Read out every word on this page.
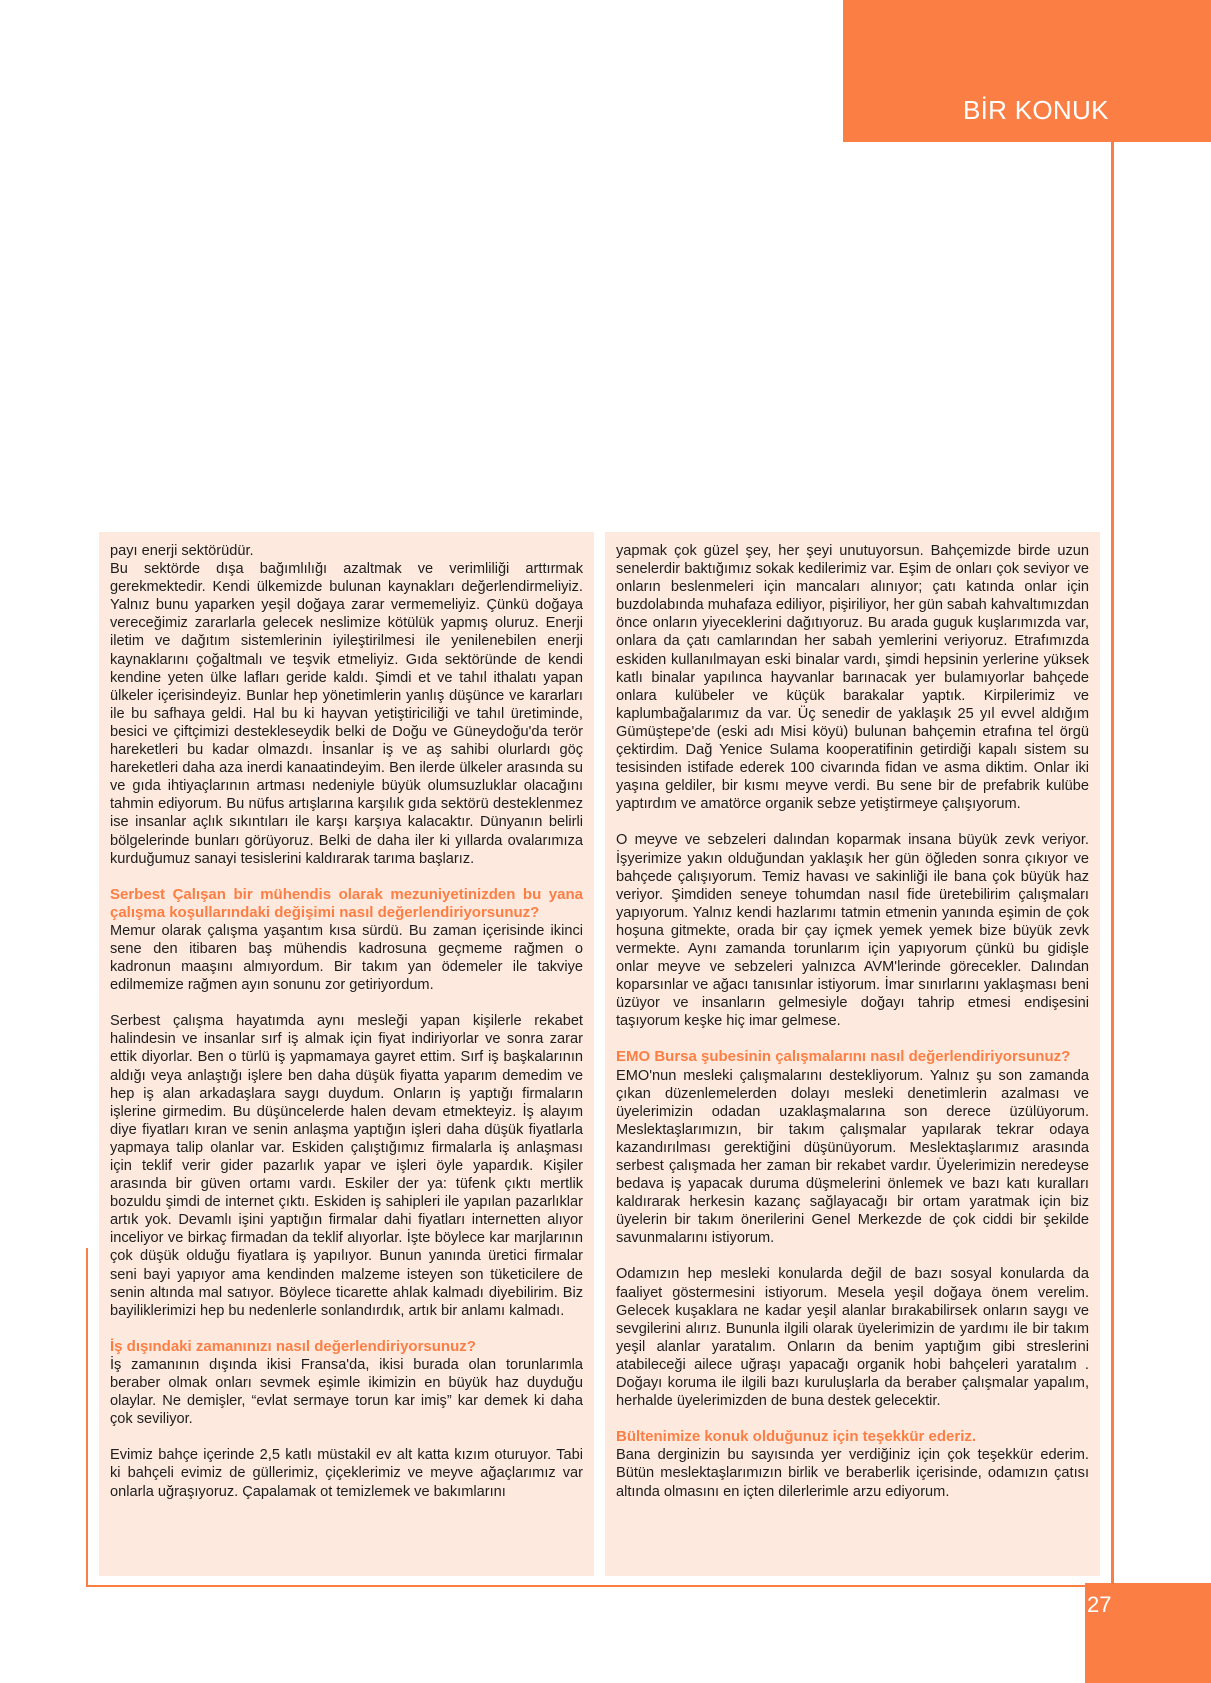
BİR KONUK

payı enerji sektörüdür.

Bu sektörde dışa bağımlılığı azaltmak ve verimliliği arttırmak gerekmektedir. Kendi ülkemizde bulunan kaynakları değerlendirmeliyiz. Yalnız bunu yaparken yeşil doğaya zarar vermemeliyiz. Çünkü doğaya vereceğimiz zararlarla gelecek neslimize kötülük yapmış oluruz. Enerji iletim ve dağıtım sistemlerinin iyileştirilmesi ile yenilenebilen enerji kaynaklarını çoğaltmalı ve teşvik etmeliyiz. Gıda sektöründe de kendi kendine yeten ülke lafları geride kaldı. Şimdi et ve tahıl ithalatı yapan ülkeler içerisindeyiz. Bunlar hep yönetimlerin yanlış düşünce ve kararları ile bu safhaya geldi. Hal bu ki hayvan yetiştiriciliği ve tahıl üretiminde, besici ve çiftçimizi destekleseydik belki de Doğu ve Güneydoğu'da terör hareketleri bu kadar olmazdı. İnsanlar iş ve aş sahibi olurlardı göç hareketleri daha aza inerdi kanaatindeyim. Ben ilerde ülkeler arasında su ve gıda ihtiyaçlarının artması nedeniyle büyük olumsuzluklar olacağını tahmin ediyorum. Bu nüfus artışlarına karşılık gıda sektörü desteklenmez ise insanlar açlık sıkıntıları ile karşı karşıya kalacaktır. Dünyanın belirli bölgelerinde bunları görüyoruz. Belki de daha iler ki yıllarda ovalarımıza kurduğumuz sanayi tesislerini kaldırarak tarıma başlarız.

Serbest Çalışan bir mühendis olarak mezuniyetinizden bu yana çalışma koşullarındaki değişimi nasıl değerlendiriyorsunuz?

Memur olarak çalışma yaşantım kısa sürdü. Bu zaman içerisinde ikinci sene den itibaren baş mühendis kadrosuna geçmeme rağmen o kadronun maaşını almıyordum. Bir takım yan ödemeler ile takviye edilmemize rağmen ayın sonunu zor getiriyordum.

Serbest çalışma hayatımda aynı mesleği yapan kişilerle rekabet halindesin ve insanlar sırf iş almak için fiyat indiriyorlar ve sonra zarar ettik diyorlar. Ben o türlü iş yapmamaya gayret ettim. Sırf iş başkalarının aldığı veya anlaştığı işlere ben daha düşük fiyatta yaparım demedim ve hep iş alan arkadaşlara saygı duydum. Onların iş yaptığı firmaların işlerine girmedim. Bu düşüncelerde halen devam etmekteyiz. İş alayım diye fiyatları kıran ve senin anlaşma yaptığın işleri daha düşük fiyatlarla yapmaya talip olanlar var. Eskiden çalıştığımız firmalarla iş anlaşması için teklif verir gider pazarlık yapar ve işleri öyle yapardık. Kişiler arasında bir güven ortamı vardı. Eskiler der ya: tüfenk çıktı mertlik bozuldu şimdi de internet çıktı. Eskiden iş sahipleri ile yapılan pazarlıklar artık yok. Devamlı işini yaptığın firmalar dahi fiyatları internetten alıyor inceliyor ve birkaç firmadan da teklif alıyorlar. İşte böylece kar marjlarının çok düşük olduğu fiyatlara iş yapılıyor. Bunun yanında üretici firmalar seni bayi yapıyor ama kendinden malzeme isteyen son tüketicilere de senin altında mal satıyor. Böylece ticarette ahlak kalmadı diyebilirim. Biz bayiliklerimizi hep bu nedenlerle sonlandırdık, artık bir anlamı kalmadı.

İş dışındaki zamanınızı nasıl değerlendiriyorsunuz?

İş zamanının dışında ikisi Fransa'da, ikisi burada olan torunlarımla beraber olmak onları sevmek eşimle ikimizin en büyük haz duyduğu olaylar. Ne demişler, “evlat sermaye torun kar imiş” kar demek ki daha çok seviliyor.

Evimiz bahçe içerinde 2,5 katlı müstakil ev alt katta kızım oturuyor. Tabi ki bahçeli evimiz de güllerimiz, çiçeklerimiz ve meyve ağaçlarımız var onlarla uğraşıyoruz. Çapalamak ot temizlemek ve bakımlarını

yapmak çok güzel şey, her şeyi unutuyorsun. Bahçemizde birde uzun senelerdir baktığımız sokak kedilerimiz var. Eşim de onları çok seviyor ve onların beslenmeleri için mancaları alınıyor; çatı katında onlar için buzdolabında muhafaza ediliyor, pişiriliyor, her gün sabah kahvaltımızdan önce onların yiyeceklerini dağıtıyoruz. Bu arada guguk kuşlarımızda var, onlara da çatı camlarından her sabah yemlerini veriyoruz. Etrafımızda eskiden kullanılmayan eski binalar vardı, şimdi hepsinin yerlerine yüksek katlı binalar yapılınca hayvanlar barınacak yer bulamıyorlar bahçede onlara kulübeler ve küçük barakalar yaptık. Kirpilerimiz ve kaplumbağalarımız da var. Üç senedir de yaklaşık 25 yıl evvel aldığım Gümüştepe'de (eski adı Misi köyü) bulunan bahçemin etrafına tel örgü çektirdim. Dağ Yenice Sulama kooperatifinin getirdiği kapalı sistem su tesisinden istifade ederek 100 civarında fidan ve asma diktim. Onlar iki yaşına geldiler, bir kısmı meyve verdi. Bu sene bir de prefabrik kulübe yaptırdım ve amatörce organik sebze yetiştirmeye çalışıyorum.

O meyve ve sebzeleri dalından koparmak insana büyük zevk veriyor. İşyerimize yakın olduğundan yaklaşık her gün öğleden sonra çıkıyor ve bahçede çalışıyorum. Temiz havası ve sakinliği ile bana çok büyük haz veriyor. Şimdiden seneye tohumdan nasıl fide üretebilirim çalışmaları yapıyorum. Yalnız kendi hazlarımı tatmin etmenin yanında eşimin de çok hoşuna gitmekte, orada bir çay içmek yemek yemek bize büyük zevk vermekte. Aynı zamanda torunlarım için yapıyorum çünkü bu gidişle onlar meyve ve sebzeleri yalnızca AVM'lerinde görecekler. Dalından koparsınlar ve ağacı tanısınlar istiyorum. İmar sınırlarını yaklaşması beni üzüyor ve insanların gelmesiyle doğayı tahrip etmesi endişesini taşıyorum keşke hiç imar gelmese.

EMO Bursa şubesinin çalışmalarını nasıl değerlendiriyorsunuz?

EMO'nun mesleki çalışmalarını destekliyorum. Yalnız şu son zamanda çıkan düzenlemelerden dolayı mesleki denetimlerin azalması ve üyelerimizin odadan uzaklaşmalarına son derece üzülüyorum. Meslektaşlarımızın, bir takım çalışmalar yapılarak tekrar odaya kazandırılması gerektiğini düşünüyorum. Meslektaşlarımız arasında serbest çalışmada her zaman bir rekabet vardır. Üyelerimizin neredeyse bedava iş yapacak duruma düşmelerini önlemek ve bazı katı kuralları kaldırarak herkesin kazanç sağlayacağı bir ortam yaratmak için biz üyelerin bir takım önerilerini Genel Merkezde de çok ciddi bir şekilde savunmalarını istiyorum.

Odamızın hep mesleki konularda değil de bazı sosyal konularda da faaliyet göstermesini istiyorum. Mesela yeşil doğaya önem verelim. Gelecek kuşaklara ne kadar yeşil alanlar bırakabilirsek onların saygı ve sevgilerini alırız. Bununla ilgili olarak üyelerimizin de yardımı ile bir takım yeşil alanlar yaratalım. Onların da benim yaptığım gibi streslerini atabileceği ailece uğraşı yapacağı organik hobi bahçeleri yaratalım . Doğayı koruma ile ilgili bazı kuruluşlarla da beraber çalışmalar yapalım, herhalde üyelerimizden de buna destek gelecektir.

Bültenimize konuk olduğunuz için teşekkür ederiz.

Bana derginizin bu sayısında yer verdiğiniz için çok teşekkür ederim. Bütün meslektaşlarımızın birlik ve beraberlik içerisinde, odamızın çatısı altında olmasını en içten dilerlerimle arzu ediyorum.

27
